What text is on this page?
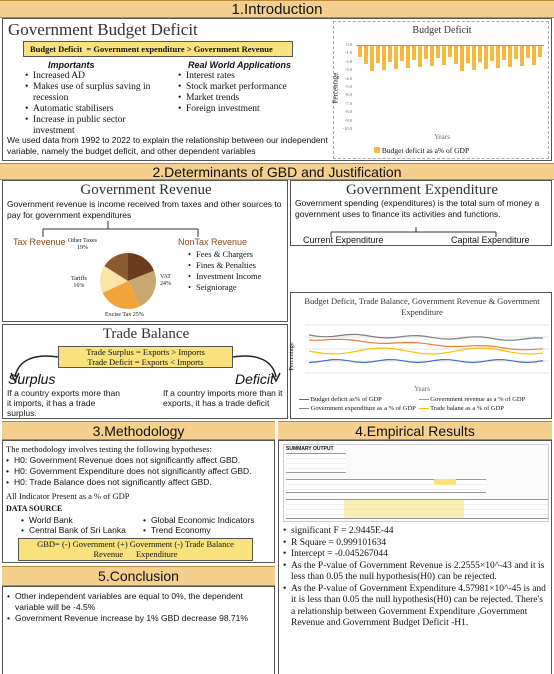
1.Introduction
Government Budget Deficit
Budget Deficit = Government expenditure > Government Revenue
Importants
• Increased AD
• Makes use of surplus saving in recession
• Automatic stabilisers
• Increase in public sector investment
Real World Applications
• Interest rates
• Stock market performance
• Market trends
• Foreign investment
We used data from 1992 to 2022 to explain the relationship between our independent variable, namely the budget deficit, and other dependent variables
Budget Deficit
Percentage
0.0
-1.0
-2.0
-3.0
-4.0
-5.0
-6.0
-7.0
-8.0
-9.0
-10.0
Years
Budget deficit as a% of GDP
2.Determinants of GBD and Justification
Government Revenue
Government revenue is income received from taxes and other sources to pay for government expenditures
Tax Revenue	NonTax Revenue
• Fees & Chargers
• Fines & Penalties
• Investment Income
• Seigniorage
Other Taxes
19%
VAT
24%
Excise Tax 25%
Tariffs
16%
Government Expenditure
Government spending (expenditures) is the total sum of money a government uses to finance its activities and functions.
Current Expenditure	Capital Expenditure
Trade Balance
Trade Surplus = Exports > Imports
Trade Deficit = Exports < Imports
Surplus	Deficit
If a country exports more than it imports, it has a trade surplus.
If a country imports more than it exports, it has a trade deficit
Budget Deficit, Trade Balance, Government Revenue & Government Expenditure
Percentage
Years
Budget deficit as% of GDP	Government revenue as a % of GDP
Government expenditure as a % of GDP Trade balane as a % of GDP
3.Methodology	4.Empirical Results
The methodology involves testing the following hypotheses:
• H0: Government Revenue does not significantly affect GBD.
• H0: Government Expenditure does not significantly affect GBD.
• H0: Trade Balance does not significantly affect GBD.
All Indicator Present as a % of GDP
DATA SOURCE
• World Bank
• Central Bank of Sri Lanka
• Global Economic Indicators
• Trend Economy
GBD= (-) Government (+) Government (-) Trade Balance
Revenue Expenditure
SUMMARY OUTPUT
• significant F = 2.9445E-44
• R Square = 0.999101634
• Intercept = -0.045267044
• As the P-value of Government Revenue is 2.2555×10^-43 and it is less than 0.05 the null hypothesis(H0) can be rejected.
• As the P-value of Government Expenditure 4.57981×10^-45 is and it is less than 0.05 the null hypothesis(H0) can be rejected. There's a relationship between Government Expenditure ,Government Revenue and Government Budget Deficit -H1.
5.Conclusion
• Other independent variables are equal to 0%, the dependent variable will be -4.5%
• Government Revenue increase by 1% GBD decrease 98.71%
